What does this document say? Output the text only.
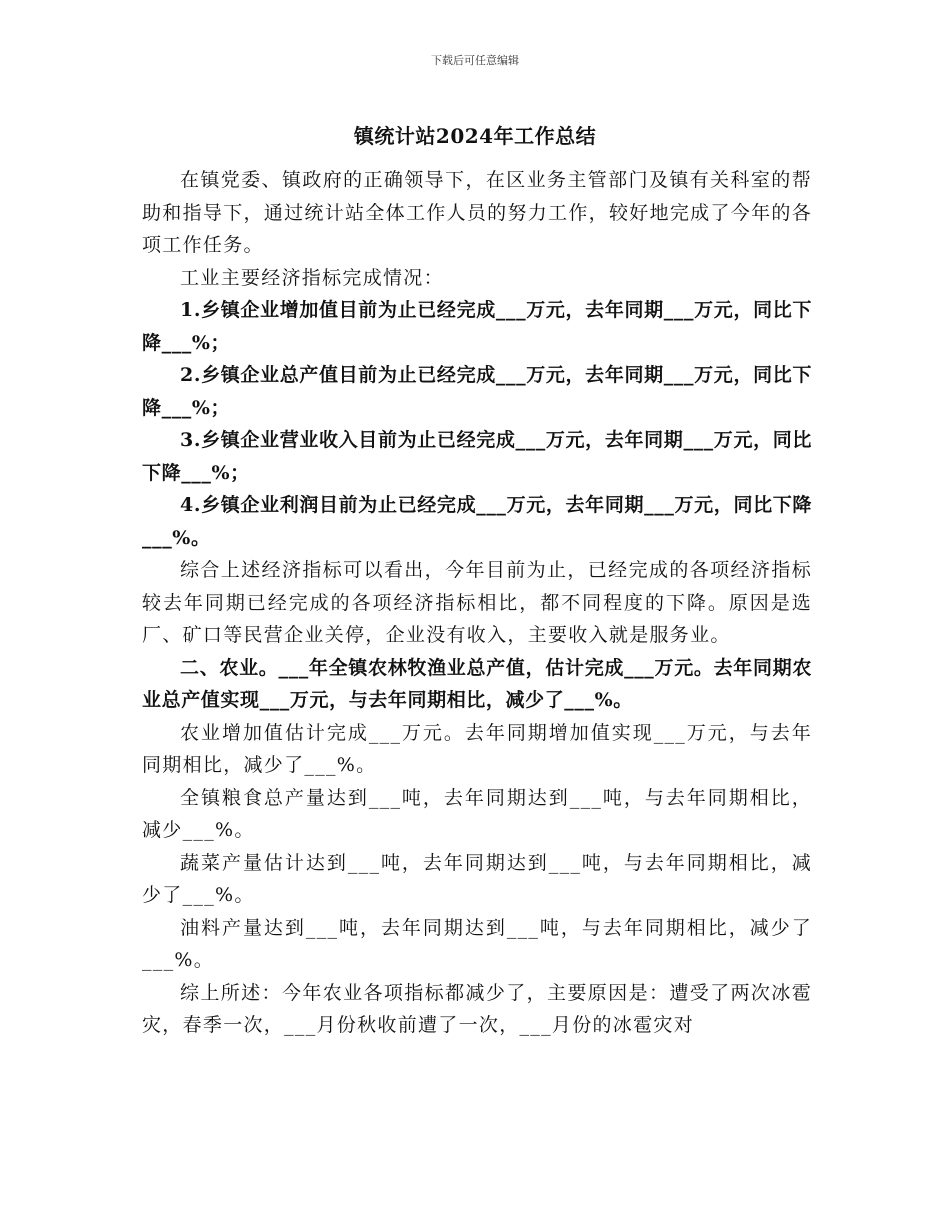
下载后可任意编辑
镇统计站2024年工作总结

在镇党委、镇政府的正确领导下，在区业务主管部门及镇有关科室的帮助和指导下，通过统计站全体工作人员的努力工作，较好地完成了今年的各项工作任务。

工业主要经济指标完成情况：

1.乡镇企业增加值目前为止已经完成___万元，去年同期___万元，同比下降___%；

2.乡镇企业总产值目前为止已经完成___万元，去年同期___万元，同比下降___%；

3.乡镇企业营业收入目前为止已经完成___万元，去年同期___万元，同比下降___%；

4.乡镇企业利润目前为止已经完成___万元，去年同期___万元，同比下降___%。

综合上述经济指标可以看出，今年目前为止，已经完成的各项经济指标较去年同期已经完成的各项经济指标相比，都不同程度的下降。原因是选厂、矿口等民营企业关停，企业没有收入，主要收入就是服务业。

二、农业。___年全镇农林牧渔业总产值，估计完成___万元。去年同期农业总产值实现___万元，与去年同期相比，减少了___%。

农业增加值估计完成___万元。去年同期增加值实现___万元，与去年同期相比，减少了___%。

全镇粮食总产量达到___吨，去年同期达到___吨，与去年同期相比，减少___%。

蔬菜产量估计达到___吨，去年同期达到___吨，与去年同期相比，减少了___%。

油料产量达到___吨，去年同期达到___吨，与去年同期相比，减少了___%。

综上所述：今年农业各项指标都减少了，主要原因是：遭受了两次冰雹灾，春季一次，___月份秋收前遭了一次，___月份的冰雹灾对
